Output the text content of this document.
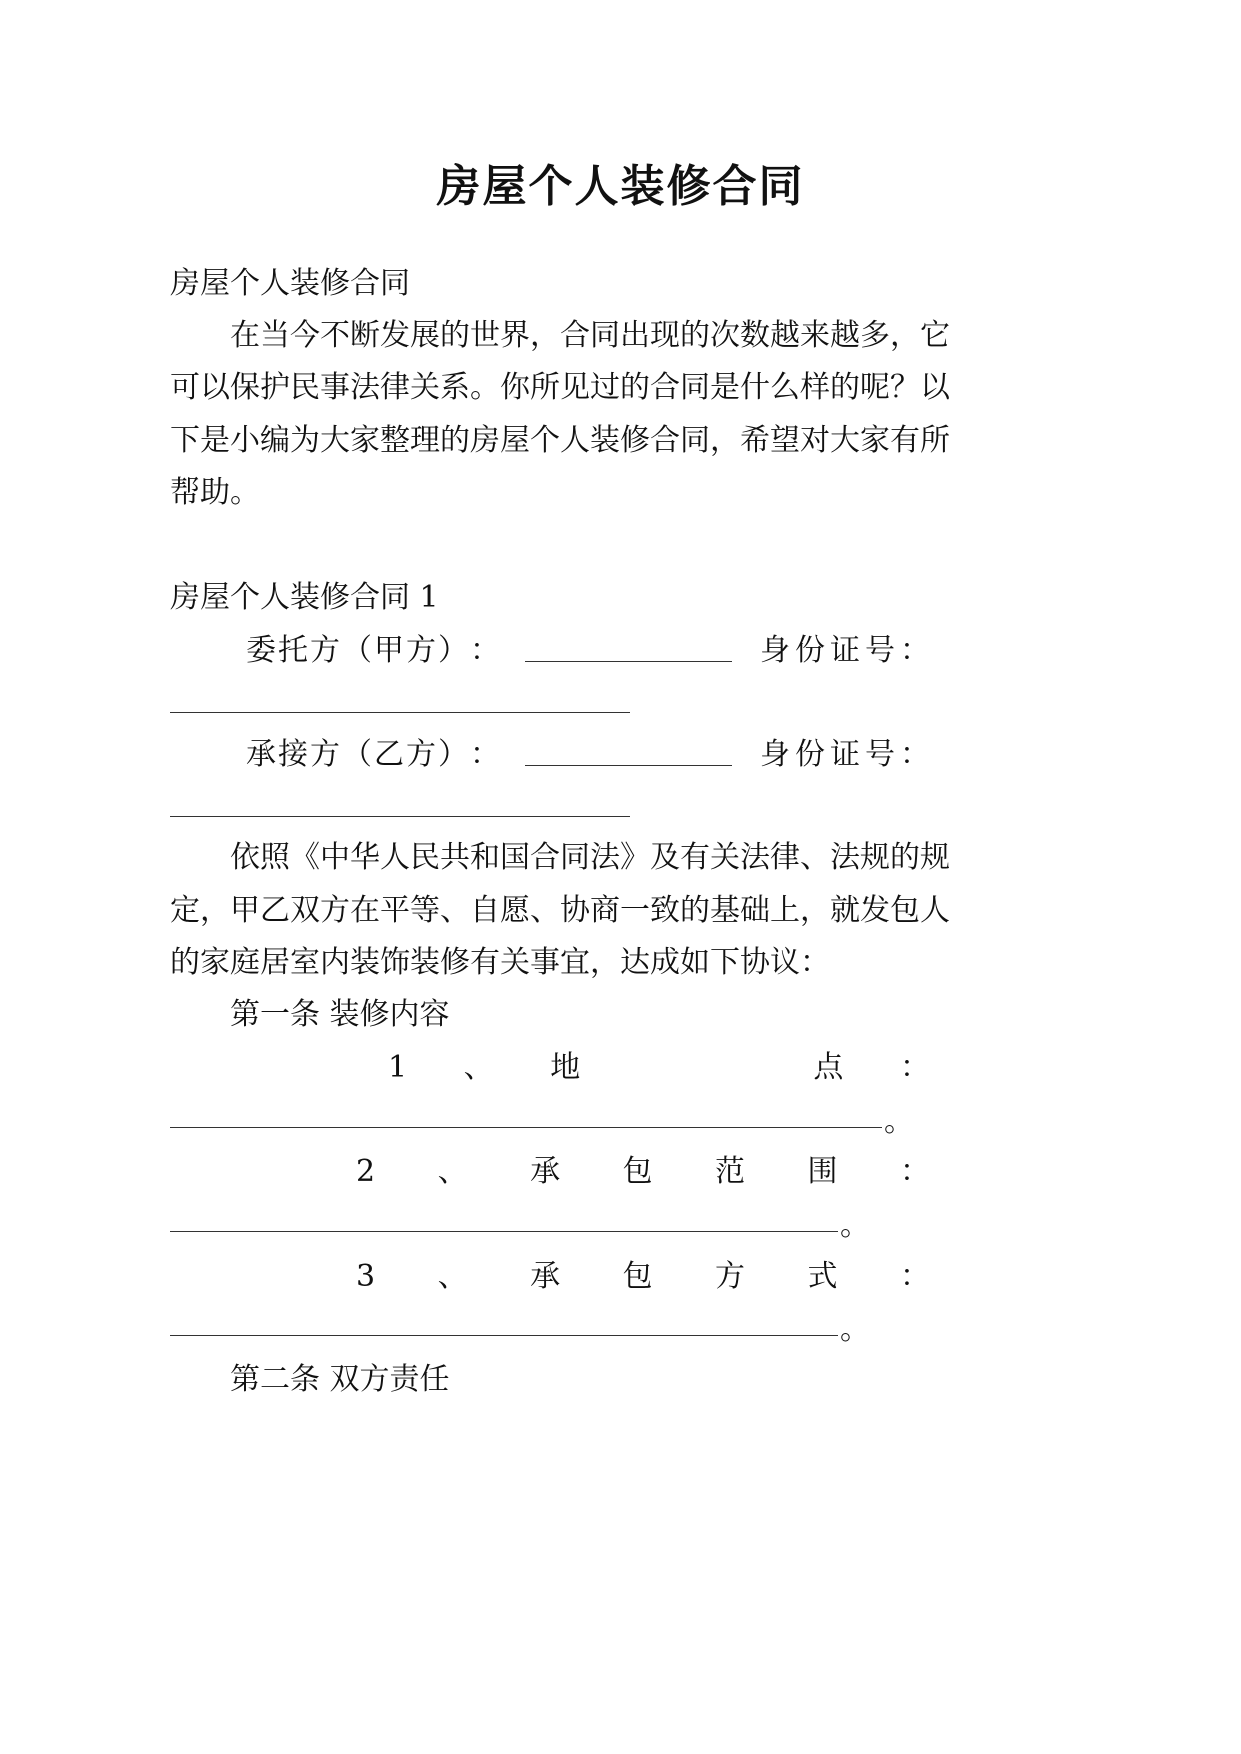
房屋个人装修合同
房屋个人装修合同
在当今不断发展的世界，合同出现的次数越来越多，它
可以保护民事法律关系。你所见过的合同是什么样的呢？以
下是小编为大家整理的房屋个人装修合同，希望对大家有所
帮助。
房屋个人装修合同 1
委 托 方 （ 甲 方 ） ：	身 份 证 号 ：
承 接 方 （ 乙 方 ） ：	身 份 证 号 ：
依照《中华人民共和国合同法》及有关法律、法规的规
定，甲乙双方在平等、自愿、协商一致的基础上，就发包人
的家庭居室内装饰装修有关事宜，达成如下协议：
第一条 装修内容
1 、 地	点 ：
。
2 、 承 包 范 围 ：
。
3 、 承 包 方 式 ：
。
第二条 双方责任
